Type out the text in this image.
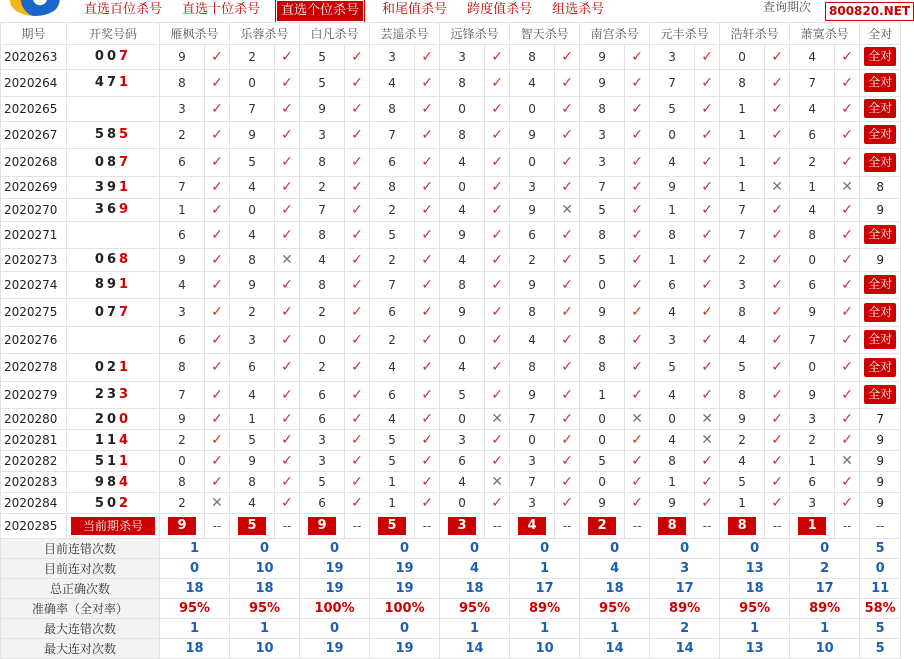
直选百位杀号	直选十位杀号	直选个位杀号	和尾值杀号	跨度值杀号	组选杀号	查询期次	800820.NET
期号	开奖号码	雁枫杀号		乐蓉杀号		白凡杀号		芸遥杀号		远锋杀号		智天杀号		南宫杀号		元丰杀号		浩轩杀号		萧寞杀号		全对
2020263	007	9	✓	2	✓	5	✓	3	✓	3	✓	8	✓	9	✓	3	✓	0	✓	4	✓	全对

2020264	471	8	✓	0	✓	5	✓	4	✓	8	✓	4	✓	9	✓	7	✓	8	✓	7	✓	全对

2020265		3	✓	7	✓	9	✓	8	✓	0	✓	0	✓	8	✓	5	✓	1	✓	4	✓	全对

2020267	585	2	✓	9	✓	3	✓	7	✓	8	✓	9	✓	3	✓	0	✓	1	✓	6	✓	全对

2020268	087	6	✓	5	✓	8	✓	6	✓	4	✓	0	✓	3	✓	4	✓	1	✓	2	✓	全对

2020269	391	7	✓	4	✓	2	✓	8	✓	0	✓	3	✓	7	✓	9	✓	1	✕	1	✕	8
2020270	369	1	✓	0	✓	7	✓	2	✓	4	✓	9	✕	5	✓	1	✓	7	✓	4	✓	9
2020271		6	✓	4	✓	8	✓	5	✓	9	✓	6	✓	8	✓	8	✓	7	✓	8	✓	全对

2020273	068	9	✓	8	✕	4	✓	2	✓	4	✓	2	✓	5	✓	1	✓	2	✓	0	✓	9
2020274	891	4	✓	9	✓	8	✓	7	✓	8	✓	9	✓	0	✓	6	✓	3	✓	6	✓	全对

2020275	077	3	✓	2	✓	2	✓	6	✓	9	✓	8	✓	9	✓	4	✓	8	✓	9	✓	全对

2020276		6	✓	3	✓	0	✓	2	✓	0	✓	4	✓	8	✓	3	✓	4	✓	7	✓	全对

2020278	021	8	✓	6	✓	2	✓	4	✓	4	✓	8	✓	8	✓	5	✓	5	✓	0	✓	全对

2020279	233	7	✓	4	✓	6	✓	6	✓	5	✓	9	✓	1	✓	4	✓	8	✓	9	✓	全对

2020280	200	9	✓	1	✓	6	✓	4	✓	0	✕	7	✓	0	✕	0	✕	9	✓	3	✓	7
2020281	114	2	✓	5	✓	3	✓	5	✓	3	✓	0	✓	0	✓	4	✕	2	✓	2	✓	9
2020282	511	0	✓	9	✓	3	✓	5	✓	6	✓	3	✓	5	✓	8	✓	4	✓	1	✕	9
2020283	984	8	✓	8	✓	5	✓	1	✓	4	✕	7	✓	0	✓	1	✓	5	✓	6	✓	9
2020284	502	2	✕	4	✓	6	✓	1	✓	0	✓	3	✓	9	✓	9	✓	1	✓	3	✓	9
2020285	当前期杀号	9	--	5	--	9	--	5	--	3	--	4	--	2	--	8	--	8	--	1	--	--
目前连错次数		1		0		0		0		0		0		0		0		0		0		5
目前连对次数		0		10		19		19		4		1		4		3		13		2		0
总正确次数		18		18		19		19		18		17		18		17		18		17		11
准确率（全对率）		95%		95%		100%		100%		95%		89%		95%		89%		95%		89%		58%
最大连错次数		1		1		0		0		1		1		1		2		1		1		5
最大连对次数		18		10		19		19		14		10		14		14		13		10		5
